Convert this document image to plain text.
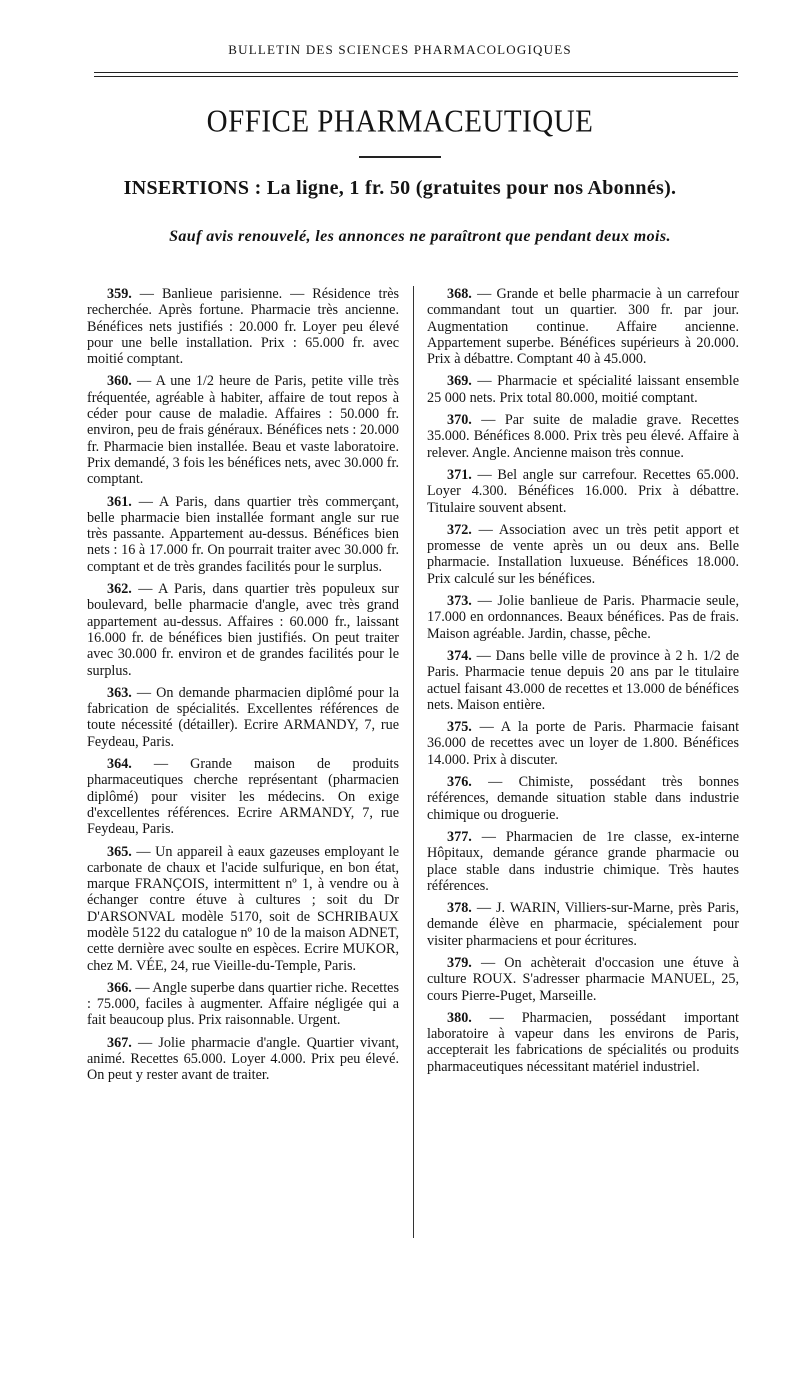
BULLETIN DES SCIENCES PHARMACOLOGIQUES
OFFICE PHARMACEUTIQUE
INSERTIONS : La ligne, 1 fr. 50 (gratuites pour nos Abonnés).
Sauf avis renouvelé, les annonces ne paraîtront que pendant deux mois.

359. — Banlieue parisienne. — Résidence très recherchée. Après fortune. Pharmacie très ancienne. Bénéfices nets justifiés : 20.000 fr. Loyer peu élevé pour une belle installation. Prix : 65.000 fr. avec moitié comptant.

360. — A une 1/2 heure de Paris, petite ville très fréquentée, agréable à habiter, affaire de tout repos à céder pour cause de maladie. Affaires : 50.000 fr. environ, peu de frais généraux. Bénéfices nets : 20.000 fr. Pharmacie bien installée. Beau et vaste laboratoire. Prix demandé, 3 fois les bénéfices nets, avec 30.000 fr. comptant.

361. — A Paris, dans quartier très commerçant, belle pharmacie bien installée formant angle sur rue très passante. Appartement au-dessus. Bénéfices bien nets : 16 à 17.000 fr. On pourrait traiter avec 30.000 fr. comptant et de très grandes facilités pour le surplus.

362. — A Paris, dans quartier très populeux sur boulevard, belle pharmacie d'angle, avec très grand appartement au-dessus. Affaires : 60.000 fr., laissant 16.000 fr. de bénéfices bien justifiés. On peut traiter avec 30.000 fr. environ et de grandes facilités pour le surplus.

363. — On demande pharmacien diplômé pour la fabrication de spécialités. Excellentes références de toute nécessité (détailler). Ecrire ARMANDY, 7, rue Feydeau, Paris.

364. — Grande maison de produits pharmaceutiques cherche représentant (pharmacien diplômé) pour visiter les médecins. On exige d'excellentes références. Ecrire ARMANDY, 7, rue Feydeau, Paris.

365. — Un appareil à eaux gazeuses employant le carbonate de chaux et l'acide sulfurique, en bon état, marque FRANÇOIS, intermittent nº 1, à vendre ou à échanger contre étuve à cultures ; soit du Dr D'ARSONVAL modèle 5170, soit de SCHRIBAUX modèle 5122 du catalogue nº 10 de la maison ADNET, cette dernière avec soulte en espèces. Ecrire MUKOR, chez M. VÉE, 24, rue Vieille-du-Temple, Paris.

366. — Angle superbe dans quartier riche. Recettes : 75.000, faciles à augmenter. Affaire négligée qui a fait beaucoup plus. Prix raisonnable. Urgent.

367. — Jolie pharmacie d'angle. Quartier vivant, animé. Recettes 65.000. Loyer 4.000. Prix peu élevé. On peut y rester avant de traiter.

368. — Grande et belle pharmacie à un carrefour commandant tout un quartier. 300 fr. par jour. Augmentation continue. Affaire ancienne. Appartement superbe. Bénéfices supérieurs à 20.000. Prix à débattre. Comptant 40 à 45.000.

369. — Pharmacie et spécialité laissant ensemble 25 000 nets. Prix total 80.000, moitié comptant.

370. — Par suite de maladie grave. Recettes 35.000. Bénéfices 8.000. Prix très peu élevé. Affaire à relever. Angle. Ancienne maison très connue.

371. — Bel angle sur carrefour. Recettes 65.000. Loyer 4.300. Bénéfices 16.000. Prix à débattre. Titulaire souvent absent.

372. — Association avec un très petit apport et promesse de vente après un ou deux ans. Belle pharmacie. Installation luxueuse. Bénéfices 18.000. Prix calculé sur les bénéfices.

373. — Jolie banlieue de Paris. Pharmacie seule, 17.000 en ordonnances. Beaux bénéfices. Pas de frais. Maison agréable. Jardin, chasse, pêche.

374. — Dans belle ville de province à 2 h. 1/2 de Paris. Pharmacie tenue depuis 20 ans par le titulaire actuel faisant 43.000 de recettes et 13.000 de bénéfices nets. Maison entière.

375. — A la porte de Paris. Pharmacie faisant 36.000 de recettes avec un loyer de 1.800. Bénéfices 14.000. Prix à discuter.

376. — Chimiste, possédant très bonnes références, demande situation stable dans industrie chimique ou droguerie.

377. — Pharmacien de 1re classe, ex-interne Hôpitaux, demande gérance grande pharmacie ou place stable dans industrie chimique. Très hautes références.

378. — J. WARIN, Villiers-sur-Marne, près Paris, demande élève en pharmacie, spécialement pour visiter pharmaciens et pour écritures.

379. — On achèterait d'occasion une étuve à culture ROUX. S'adresser pharmacie MANUEL, 25, cours Pierre-Puget, Marseille.

380. — Pharmacien, possédant important laboratoire à vapeur dans les environs de Paris, accepterait les fabrications de spécialités ou produits pharmaceutiques nécessitant matériel industriel.
